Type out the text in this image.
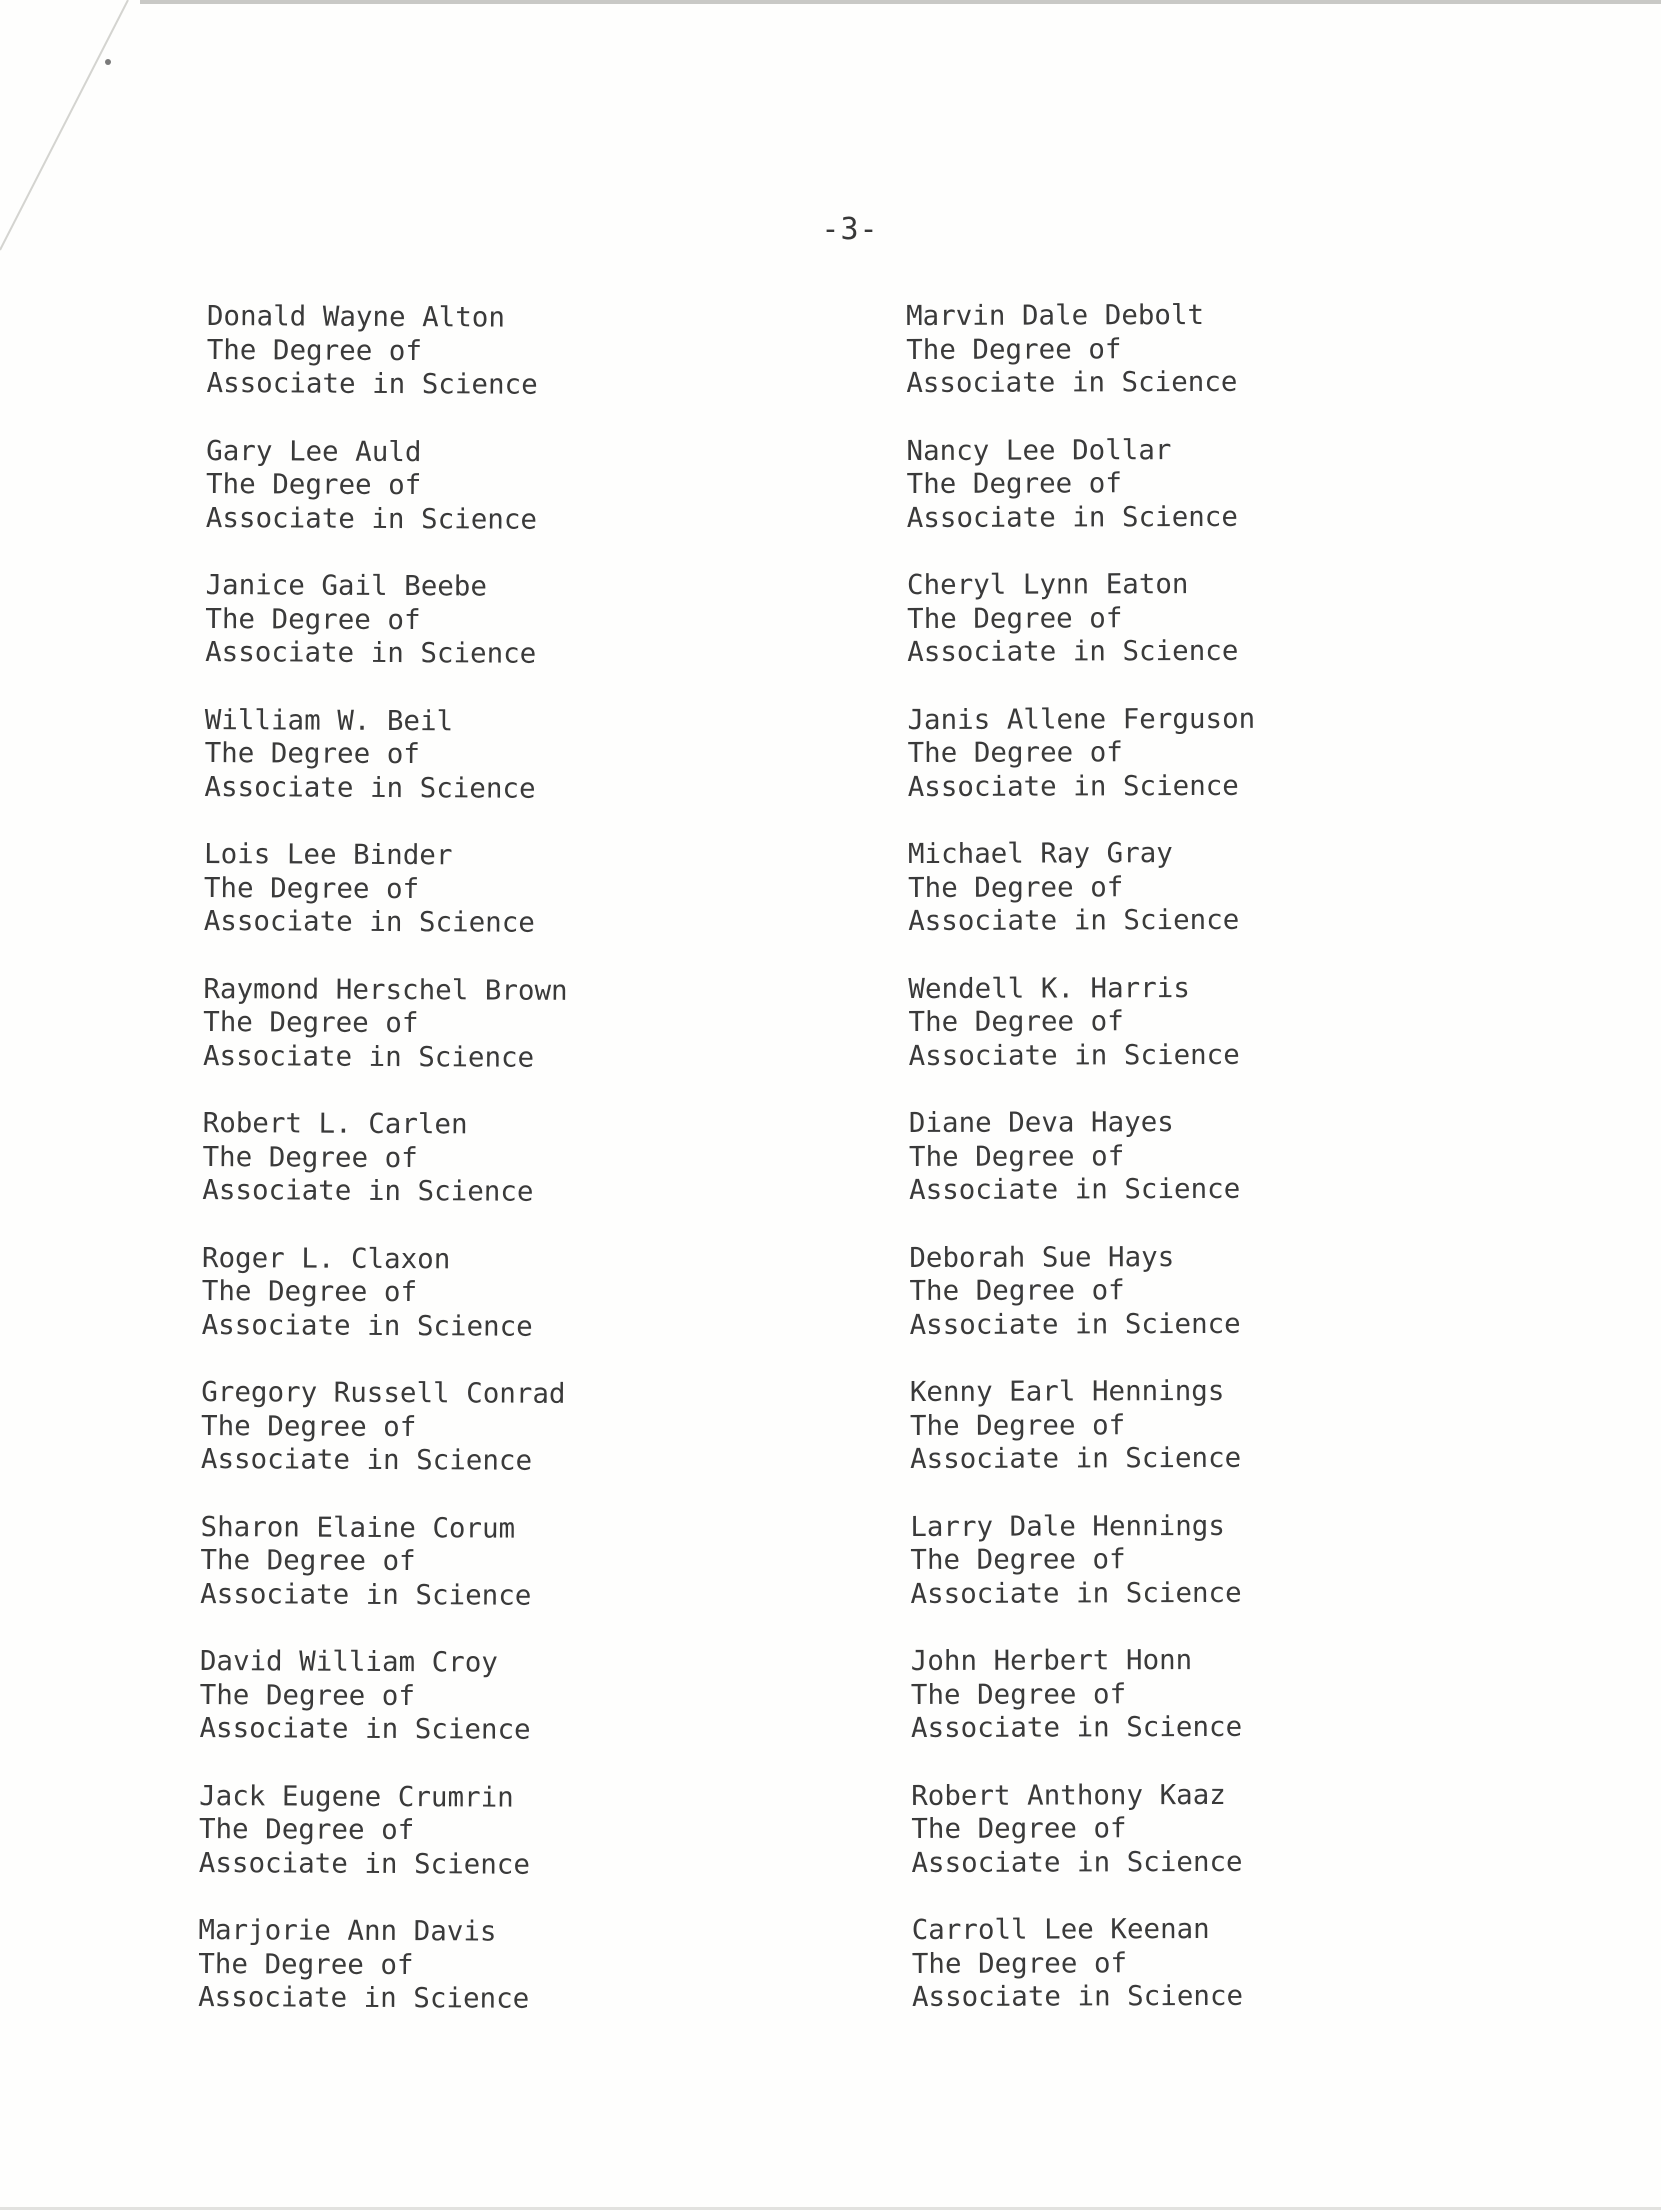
-3-
Donald Wayne Alton
The Degree of
Associate in Science
Gary Lee Auld
The Degree of
Associate in Science
Janice Gail Beebe
The Degree of
Associate in Science
William W. Beil
The Degree of
Associate in Science
Lois Lee Binder
The Degree of
Associate in Science
Raymond Herschel Brown
The Degree of
Associate in Science
Robert L. Carlen
The Degree of
Associate in Science
Roger L. Claxon
The Degree of
Associate in Science
Gregory Russell Conrad
The Degree of
Associate in Science
Sharon Elaine Corum
The Degree of
Associate in Science
David William Croy
The Degree of
Associate in Science
Jack Eugene Crumrin
The Degree of
Associate in Science
Marjorie Ann Davis
The Degree of
Associate in Science
Marvin Dale Debolt
The Degree of
Associate in Science
Nancy Lee Dollar
The Degree of
Associate in Science
Cheryl Lynn Eaton
The Degree of
Associate in Science
Janis Allene Ferguson
The Degree of
Associate in Science
Michael Ray Gray
The Degree of
Associate in Science
Wendell K. Harris
The Degree of
Associate in Science
Diane Deva Hayes
The Degree of
Associate in Science
Deborah Sue Hays
The Degree of
Associate in Science
Kenny Earl Hennings
The Degree of
Associate in Science
Larry Dale Hennings
The Degree of
Associate in Science
John Herbert Honn
The Degree of
Associate in Science
Robert Anthony Kaaz
The Degree of
Associate in Science
Carroll Lee Keenan
The Degree of
Associate in Science
